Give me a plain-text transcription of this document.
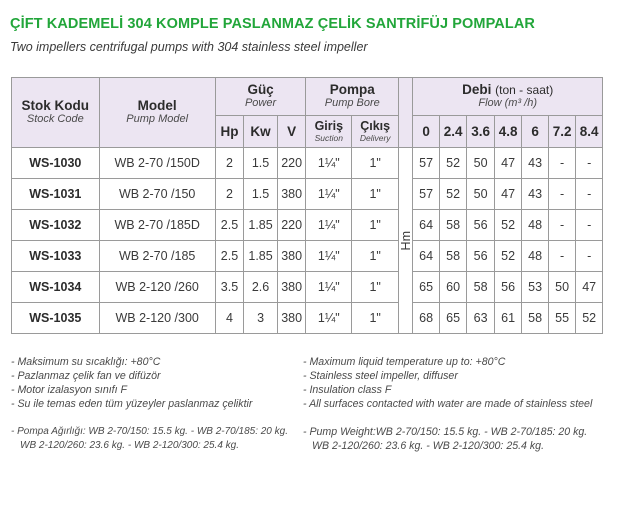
ÇİFT KADEMELİ 304 KOMPLE PASLANMAZ ÇELİK SANTRİFÜJ POMPALAR
Two impellers centrifugal pumps with 304 stainless steel impeller
Stok Kodu
Stock Code	Model
Pump Model	Güç
Power			Pompa
Pump Bore			Debi (ton - saat)
Flow (m³ /h)						

		Hp	Kw	V	Giriş
Suction	Çıkış
Delivery		0	2.4	3.6	4.8	6	7.2	8.4
WS-1030	WB 2-70 /150D	2	1.5	220	1¼"	1"	Hm	57	52	50	47	43	-	-
WS-1031	WB 2-70 /150	2	1.5	380	1¼"	1"		57	52	50	47	43	-	-
WS-1032	WB 2-70 /185D	2.5	1.85	220	1¼"	1"		64	58	56	52	48	-	-
WS-1033	WB 2-70 /185	2.5	1.85	380	1¼"	1"		64	58	56	52	48	-	-
WS-1034	WB 2-120 /260	3.5	2.6	380	1¼"	1"		65	60	58	56	53	50	47
WS-1035	WB 2-120 /300	4	3	380	1¼"	1"		68	65	63	61	58	55	52
- Maksimum su sıcaklığı: +80°C
- Pazlanmaz çelik fan ve difüzör
- Motor izalasyon sınıfı F
- Su ile temas eden tüm yüzeyler paslanmaz çeliktir
- Maximum liquid temperature up to: +80°C
- Stainless steel impeller, diffuser
- Insulation class F
- All surfaces contacted with water are made of stainless steel
- Pompa Ağırlığı: WB 2-70/150: 15.5 kg. - WB 2-70/185: 20 kg.
WB 2-120/260: 23.6 kg. - WB 2-120/300: 25.4 kg.
- Pump Weight:WB 2-70/150: 15.5 kg. - WB 2-70/185: 20 kg.
WB 2-120/260: 23.6 kg. - WB 2-120/300: 25.4 kg.
